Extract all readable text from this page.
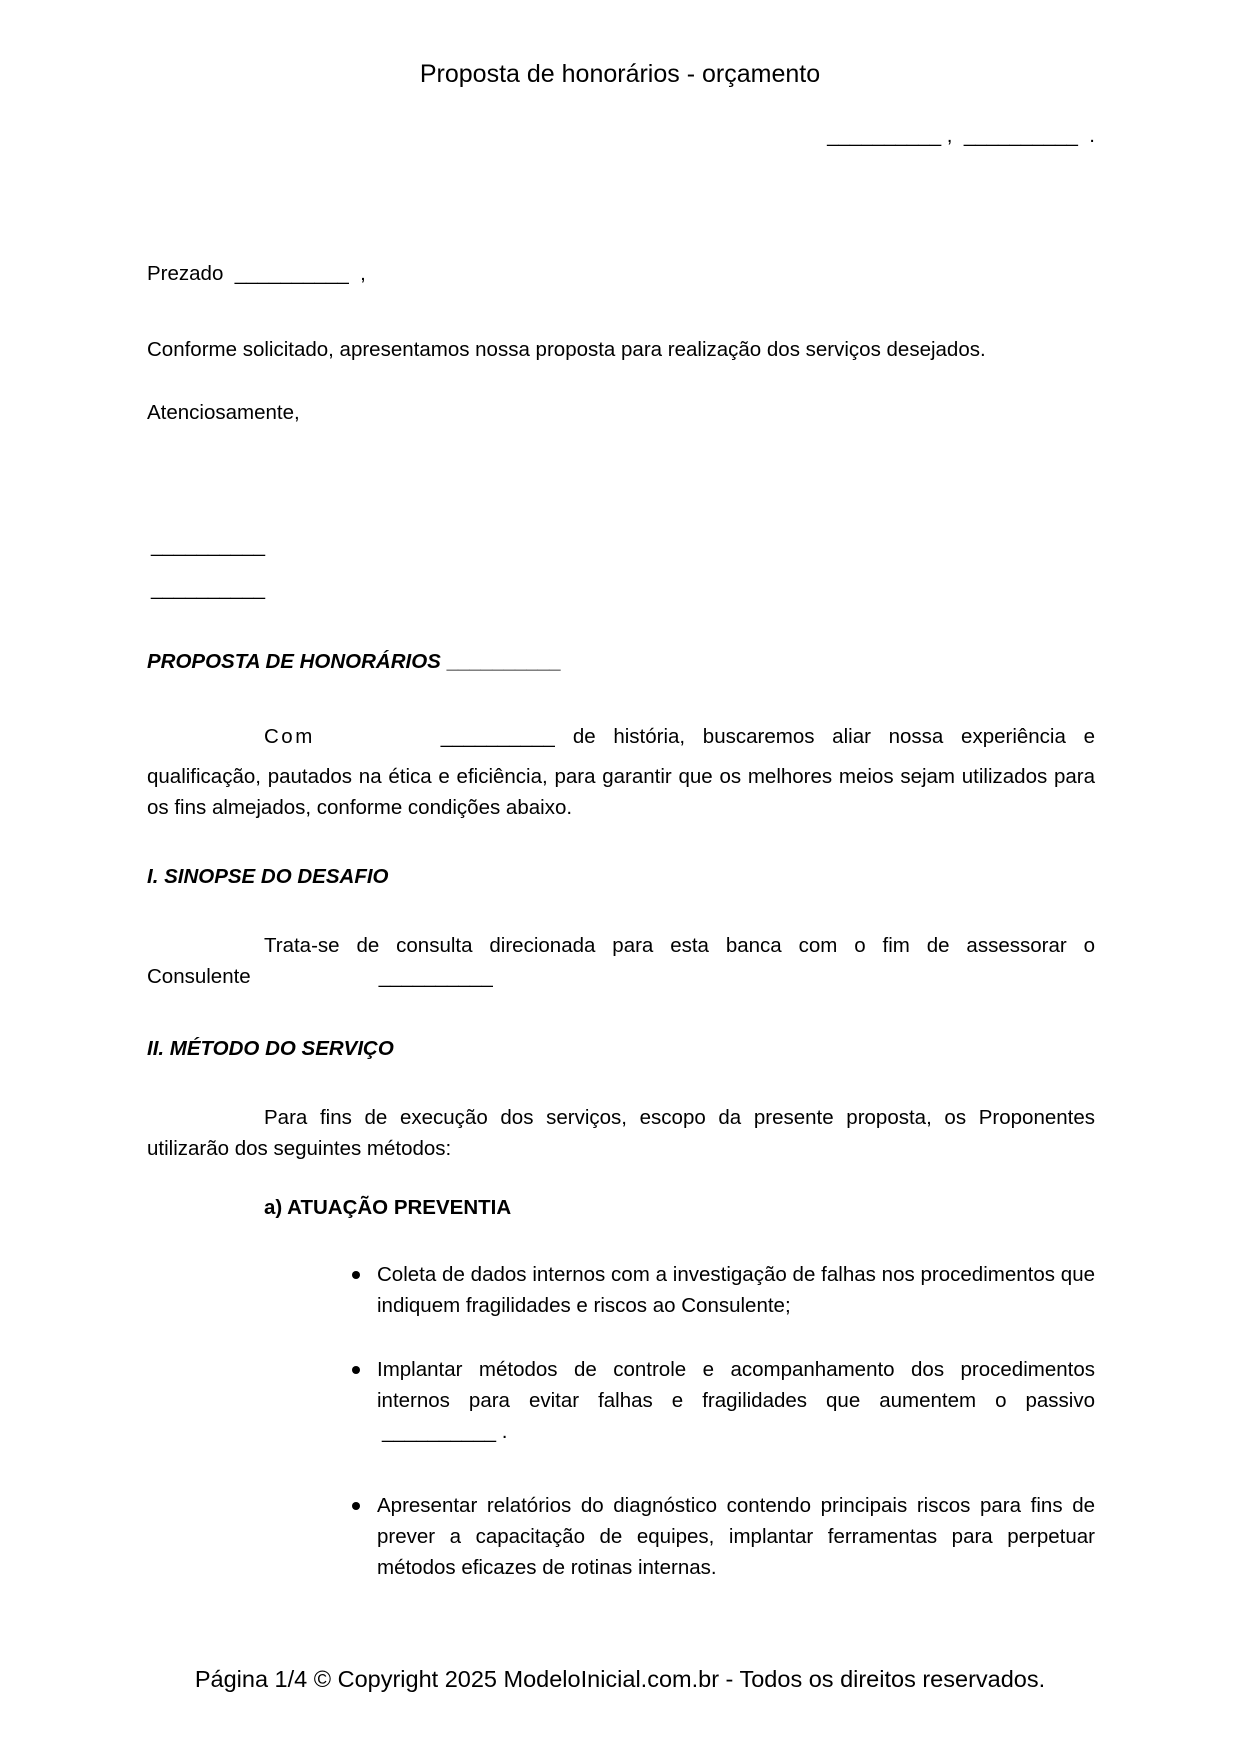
Proposta de honorários - orçamento
__________ ,  __________  .
Prezado  __________  ,
Conforme solicitado, apresentamos nossa proposta para realização dos serviços desejados.
Atenciosamente,
__________
__________
PROPOSTA DE HONORÁRIOS __________
Com	__________ de história, buscaremos aliar nossa experiência e
qualificação, pautados na ética e eficiência, para garantir que os melhores meios sejam utilizados para os fins almejados, conforme condições abaixo.
I. SINOPSE DO DESAFIO
Trata-se de consulta direcionada para esta banca com o fim de assessorar o
Consulente	__________
II. MÉTODO DO SERVIÇO
Para fins de execução dos serviços, escopo da presente proposta, os Proponentes utilizarão dos seguintes métodos:
a) ATUAÇÃO PREVENTIA
Coleta de dados internos com a investigação de falhas nos procedimentos que indiquem fragilidades e riscos ao Consulente;
Implantar métodos de controle e acompanhamento dos procedimentos internos para evitar falhas e fragilidades que aumentem o passivo
__________ .
Apresentar relatórios do diagnóstico contendo principais riscos para fins de prever a capacitação de equipes, implantar ferramentas para perpetuar métodos eficazes de rotinas internas.
Página 1/4 © Copyright 2025 ModeloInicial.com.br - Todos os direitos reservados.
